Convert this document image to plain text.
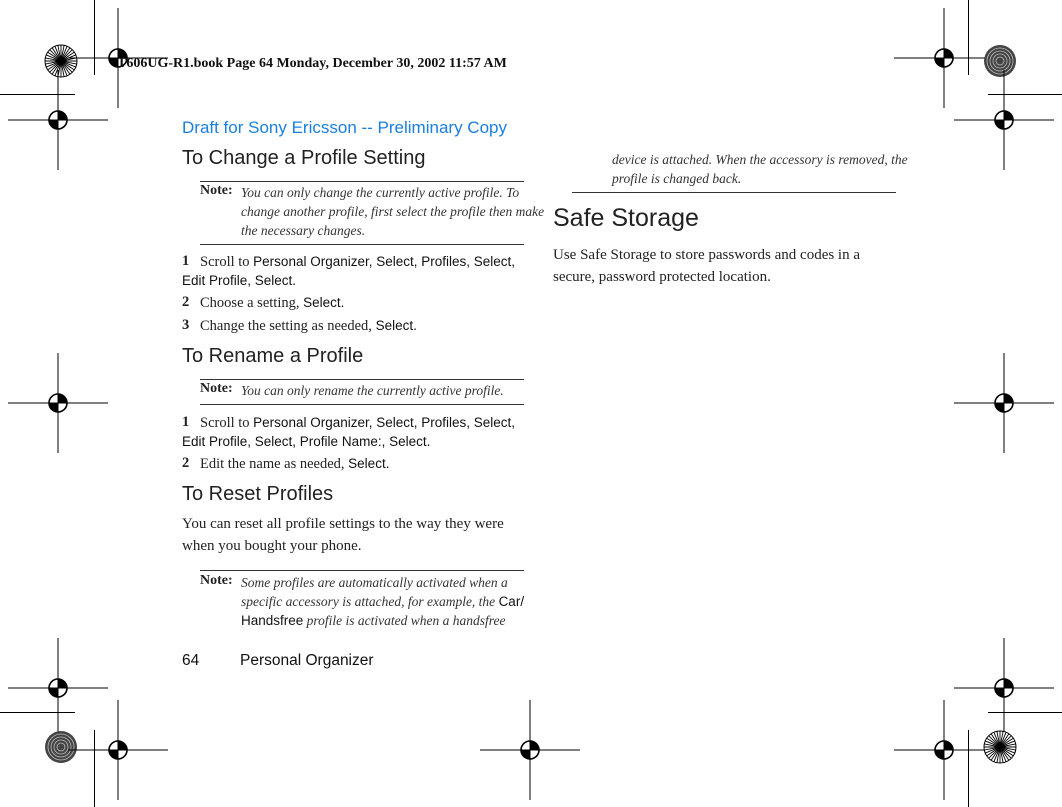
T606UG-R1.book Page 64 Monday, December 30, 2002 11:57 AM
Draft for Sony Ericsson -- Preliminary Copy
To Change a Profile Setting
Note: You can only change the currently active profile. To
change another profile, first select the profile then make
the necessary changes.
1 Scroll to Personal Organizer, Select, Profiles, Select,
Edit Profile, Select.
2 Choose a setting, Select.
3 Change the setting as needed, Select.
To Rename a Profile
Note: You can only rename the currently active profile.
1 Scroll to Personal Organizer, Select, Profiles, Select,
Edit Profile, Select, Profile Name:, Select.
2 Edit the name as needed, Select.
To Reset Profiles
You can reset all profile settings to the way they were
when you bought your phone.
Note: Some profiles are automatically activated when a
specific accessory is attached, for example, the Car/
Handsfree profile is activated when a handsfree
device is attached. When the accessory is removed, the
profile is changed back.
Safe Storage
Use Safe Storage to store passwords and codes in a
secure, password protected location.
64	Personal Organizer
